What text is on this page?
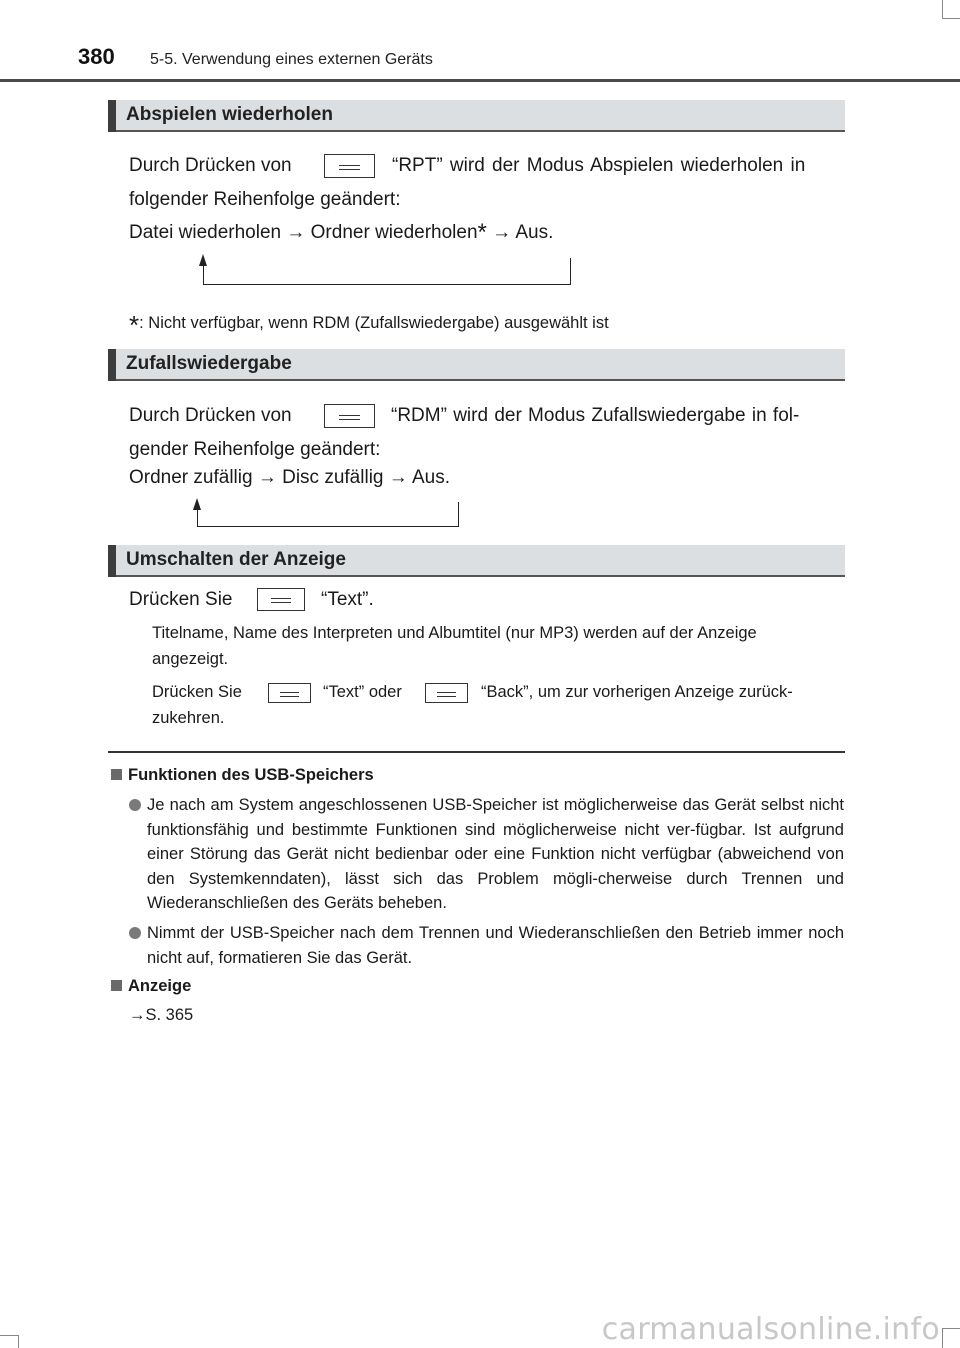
380 5-5. Verwendung eines externen Geräts
Abspielen wiederholen
Durch Drücken von	“RPT” wird der Modus Abspielen wiederholen in
folgender Reihenfolge geändert:
Datei wiederholen → Ordner wiederholen* → Aus.
*: Nicht verfügbar, wenn RDM (Zufallswiedergabe) ausgewählt ist
Zufallswiedergabe
Durch Drücken von	“RDM” wird der Modus Zufallswiedergabe in fol-
gender Reihenfolge geändert:
Ordner zufällig → Disc zufällig → Aus.
Umschalten der Anzeige
Drücken Sie	“Text”.
Titelname, Name des Interpreten und Albumtitel (nur MP3) werden auf der Anzeige
angezeigt.
Drücken Sie	“Text” oder	“Back”, um zur vorherigen Anzeige zurück-
zukehren.
Funktionen des USB-Speichers
Je nach am System angeschlossenen USB-Speicher ist möglicherweise das Gerät selbst nicht funktionsfähig und bestimmte Funktionen sind möglicherweise nicht ver-fügbar. Ist aufgrund einer Störung das Gerät nicht bedienbar oder eine Funktion nicht verfügbar (abweichend von den Systemkenndaten), lässt sich das Problem mögli-cherweise durch Trennen und Wiederanschließen des Geräts beheben.
Nimmt der USB-Speicher nach dem Trennen und Wiederanschließen den Betrieb immer noch nicht auf, formatieren Sie das Gerät.
Anzeige
→S. 365
carmanualsonline.info
